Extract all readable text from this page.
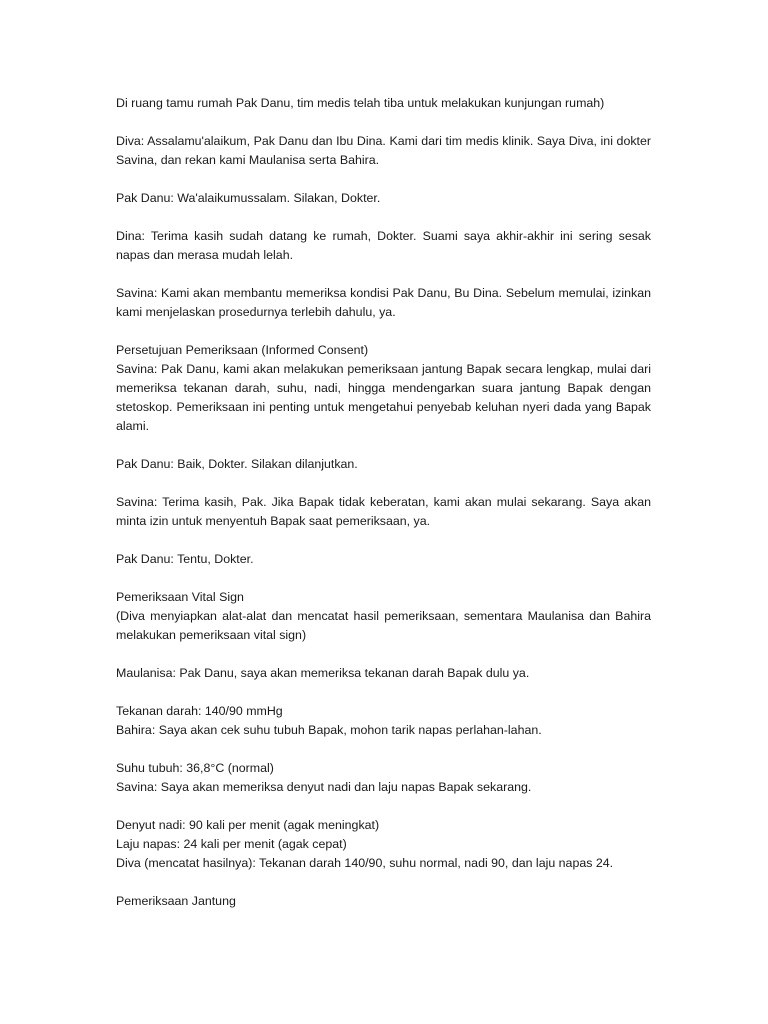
Di ruang tamu rumah Pak Danu, tim medis telah tiba untuk melakukan kunjungan rumah)

Diva: Assalamu'alaikum, Pak Danu dan Ibu Dina. Kami dari tim medis klinik. Saya Diva, ini dokter Savina, dan rekan kami Maulanisa serta Bahira.

Pak Danu: Wa'alaikumussalam. Silakan, Dokter.

Dina: Terima kasih sudah datang ke rumah, Dokter. Suami saya akhir-akhir ini sering sesak napas dan merasa mudah lelah.

Savina: Kami akan membantu memeriksa kondisi Pak Danu, Bu Dina. Sebelum memulai, izinkan kami menjelaskan prosedurnya terlebih dahulu, ya.

Persetujuan Pemeriksaan (Informed Consent)
Savina: Pak Danu, kami akan melakukan pemeriksaan jantung Bapak secara lengkap, mulai dari memeriksa tekanan darah, suhu, nadi, hingga mendengarkan suara jantung Bapak dengan stetoskop. Pemeriksaan ini penting untuk mengetahui penyebab keluhan nyeri dada yang Bapak alami.

Pak Danu: Baik, Dokter. Silakan dilanjutkan.

Savina: Terima kasih, Pak. Jika Bapak tidak keberatan, kami akan mulai sekarang. Saya akan minta izin untuk menyentuh Bapak saat pemeriksaan, ya.

Pak Danu: Tentu, Dokter.

Pemeriksaan Vital Sign
(Diva menyiapkan alat-alat dan mencatat hasil pemeriksaan, sementara Maulanisa dan Bahira melakukan pemeriksaan vital sign)

Maulanisa: Pak Danu, saya akan memeriksa tekanan darah Bapak dulu ya.

Tekanan darah: 140/90 mmHg
Bahira: Saya akan cek suhu tubuh Bapak, mohon tarik napas perlahan-lahan.

Suhu tubuh: 36,8°C (normal)
Savina: Saya akan memeriksa denyut nadi dan laju napas Bapak sekarang.

Denyut nadi: 90 kali per menit (agak meningkat)
Laju napas: 24 kali per menit (agak cepat)
Diva (mencatat hasilnya): Tekanan darah 140/90, suhu normal, nadi 90, dan laju napas 24.

Pemeriksaan Jantung
